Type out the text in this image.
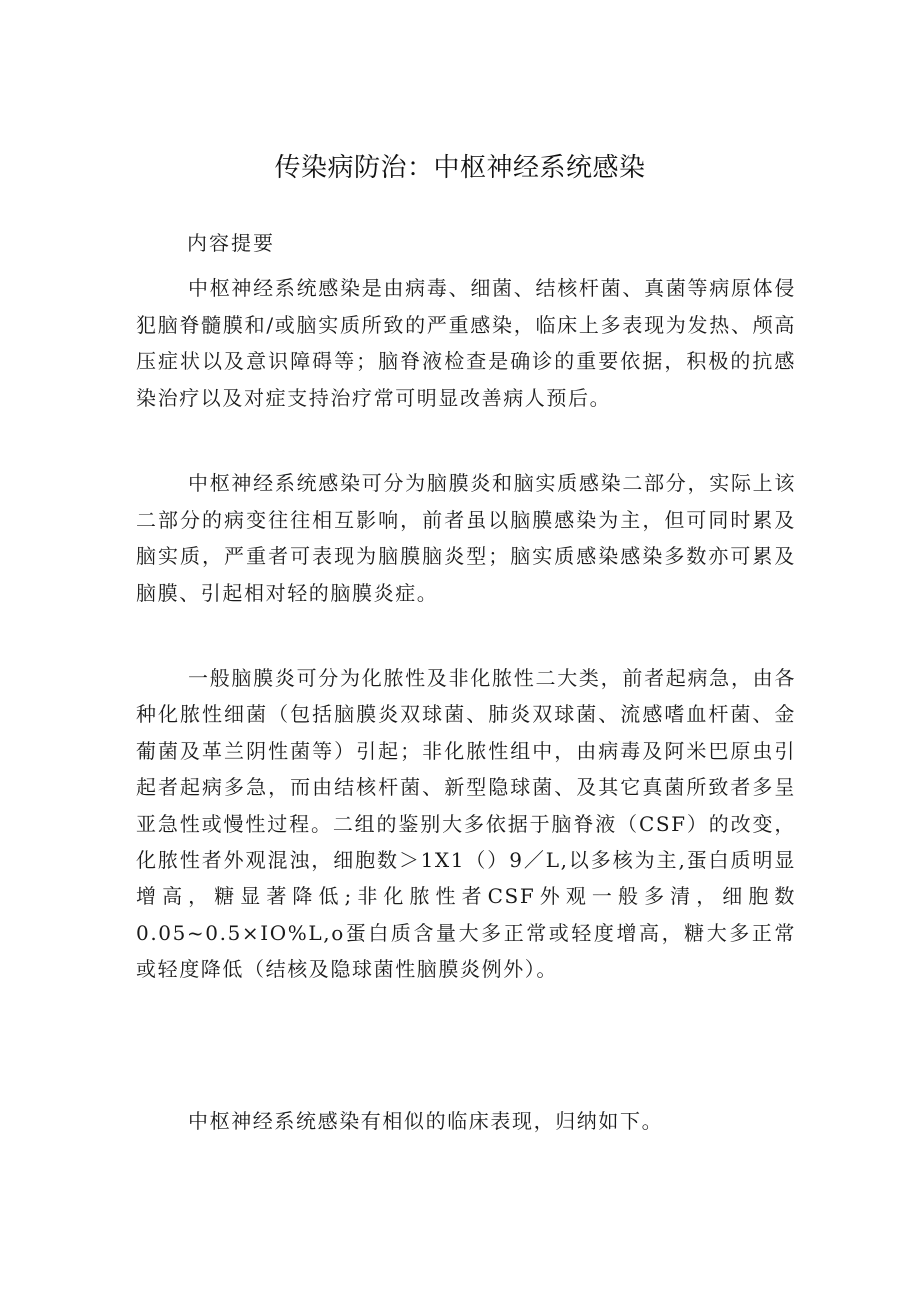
传染病防治：中枢神经系统感染
内容提要

中枢神经系统感染是由病毒、细菌、结核杆菌、真菌等病原体侵犯脑脊髓膜和/或脑实质所致的严重感染，临床上多表现为发热、颅高压症状以及意识障碍等；脑脊液检查是确诊的重要依据，积极的抗感染治疗以及对症支持治疗常可明显改善病人预后。

中枢神经系统感染可分为脑膜炎和脑实质感染二部分，实际上该二部分的病变往往相互影响，前者虽以脑膜感染为主，但可同时累及脑实质，严重者可表现为脑膜脑炎型；脑实质感染感染多数亦可累及脑膜、引起相对轻的脑膜炎症。

一般脑膜炎可分为化脓性及非化脓性二大类，前者起病急，由各种化脓性细菌（包括脑膜炎双球菌、肺炎双球菌、流感嗜血杆菌、金葡菌及革兰阴性菌等）引起；非化脓性组中，由病毒及阿米巴原虫引起者起病多急，而由结核杆菌、新型隐球菌、及其它真菌所致者多呈亚急性或慢性过程。二组的鉴别大多依据于脑脊液（CSF）的改变，化脓性者外观混浊，细胞数＞1X1（）9／L,以多核为主,蛋白质明显增高，糖显著降低;非化脓性者CSF外观一般多清，细胞数0.05~0.5×IO%L,o蛋白质含量大多正常或轻度增高，糖大多正常或轻度降低（结核及隐球菌性脑膜炎例外）。

中枢神经系统感染有相似的临床表现，归纳如下。
